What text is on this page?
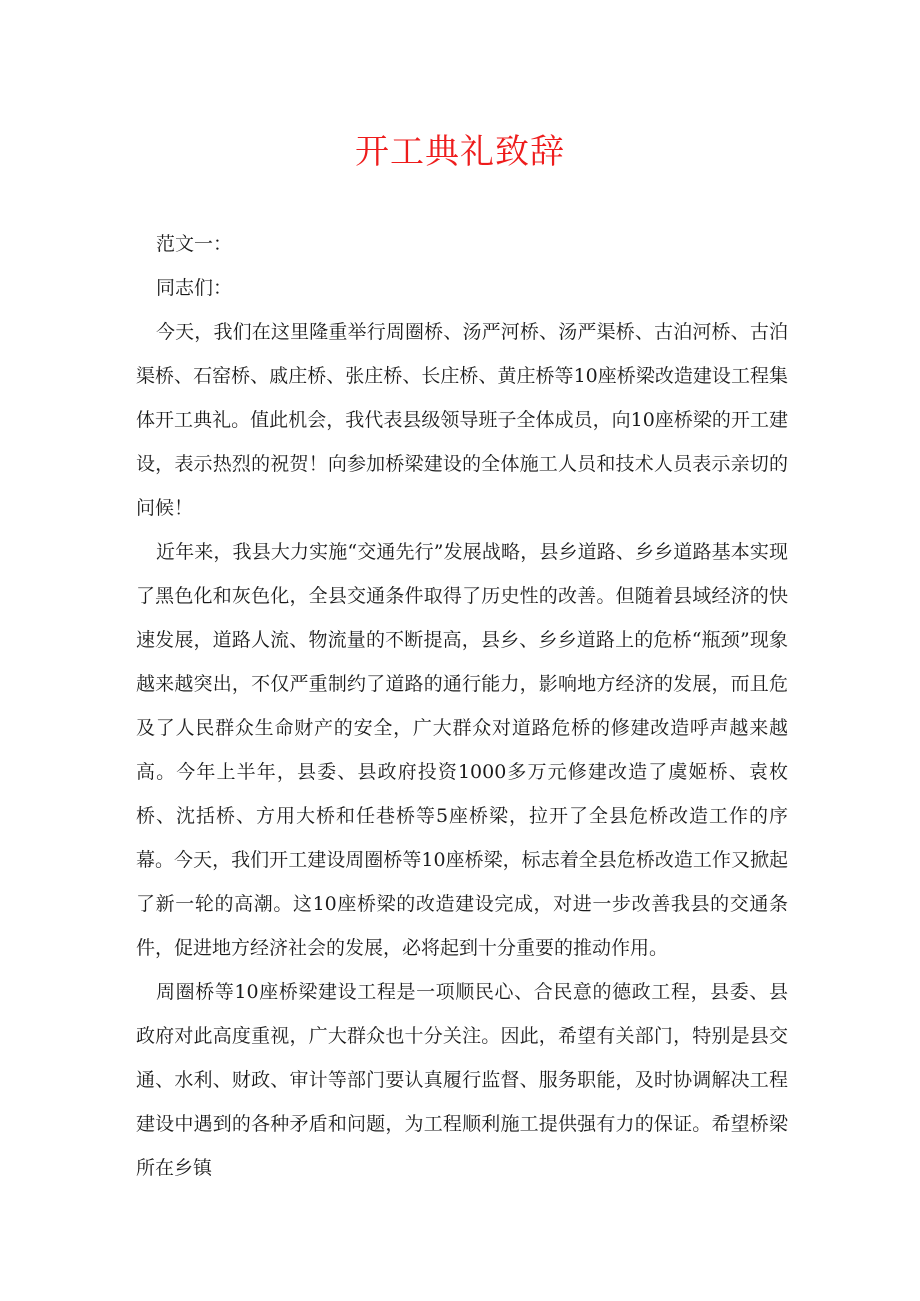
开工典礼致辞

范文一：

同志们：

今天，我们在这里隆重举行周圈桥、汤严河桥、汤严渠桥、古泊河桥、古泊渠桥、石窑桥、戚庄桥、张庄桥、长庄桥、黄庄桥等10座桥梁改造建设工程集体开工典礼。值此机会，我代表县级领导班子全体成员，向10座桥梁的开工建设，表示热烈的祝贺！向参加桥梁建设的全体施工人员和技术人员表示亲切的问候！

近年来，我县大力实施“交通先行”发展战略，县乡道路、乡乡道路基本实现了黑色化和灰色化，全县交通条件取得了历史性的改善。但随着县域经济的快速发展，道路人流、物流量的不断提高，县乡、乡乡道路上的危桥“瓶颈”现象越来越突出，不仅严重制约了道路的通行能力，影响地方经济的发展，而且危及了人民群众生命财产的安全，广大群众对道路危桥的修建改造呼声越来越高。今年上半年，县委、县政府投资1000多万元修建改造了虞姬桥、袁枚桥、沈括桥、方用大桥和任巷桥等5座桥梁，拉开了全县危桥改造工作的序幕。今天，我们开工建设周圈桥等10座桥梁，标志着全县危桥改造工作又掀起了新一轮的高潮。这10座桥梁的改造建设完成，对进一步改善我县的交通条件，促进地方经济社会的发展，必将起到十分重要的推动作用。

周圈桥等10座桥梁建设工程是一项顺民心、合民意的德政工程，县委、县政府对此高度重视，广大群众也十分关注。因此，希望有关部门，特别是县交通、水利、财政、审计等部门要认真履行监督、服务职能，及时协调解决工程建设中遇到的各种矛盾和问题，为工程顺利施工提供强有力的保证。希望桥梁所在乡镇
